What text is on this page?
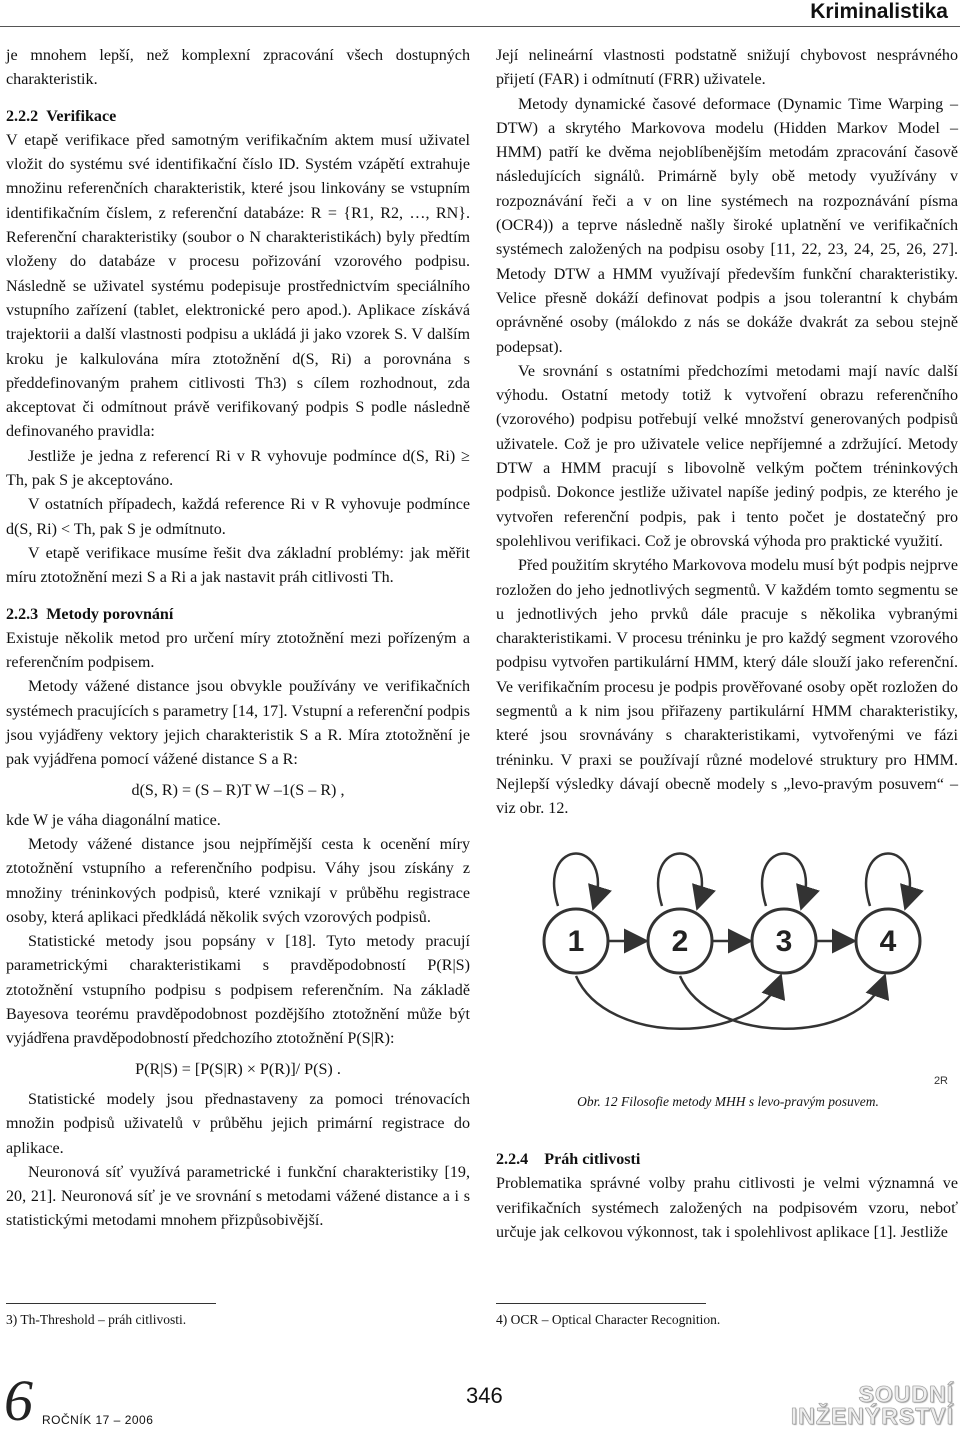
Kriminalistika

je mnohem lepší, než komplexní zpracování všech dostupných charakteristik.

2.2.2 Verifikace

V etapě verifikace před samotným verifikačním aktem musí uživatel vložit do systému své identifikační číslo ID. Systém vzápětí extrahuje množinu referenčních charakteristik, které jsou linkovány se vstupním identifikačním číslem, z referenční databáze: R = {R1, R2, …, RN}. Referenční charakteristiky (soubor o N charakteristikách) byly předtím vloženy do databáze v procesu pořizování vzorového podpisu. Následně se uživatel systému podepisuje prostřednictvím speciálního vstupního zařízení (tablet, elektronické pero apod.). Aplikace získává trajektorii a další vlastnosti podpisu a ukládá ji jako vzorek S. V dalším kroku je kalkulována míra ztotožnění d(S, Ri) a porovnána s předdefinovaným prahem citlivosti Th3) s cílem rozhodnout, zda akceptovat či odmítnout právě verifikovaný podpis S podle následně definovaného pravidla:

Jestliže je jedna z referencí Ri v R vyhovuje podmínce d(S, Ri) ≥ Th, pak S je akceptováno.

V ostatních případech, každá reference Ri v R vyhovuje podmínce d(S, Ri) < Th, pak S je odmítnuto.

V etapě verifikace musíme řešit dva základní problémy: jak měřit míru ztotožnění mezi S a Ri a jak nastavit práh citlivosti Th.

2.2.3 Metody porovnání

Existuje několik metod pro určení míry ztotožnění mezi pořízeným a referenčním podpisem.

Metody vážené distance jsou obvykle používány ve verifikačních systémech pracujících s parametry [14, 17]. Vstupní a referenční podpis jsou vyjádřeny vektory jejich charakteristik S a R. Míra ztotožnění je pak vyjádřena pomocí vážené distance S a R:

d(S, R) = (S – R)T W –1(S – R) ,

kde W je váha diagonální matice.

Metody vážené distance jsou nejpřímější cesta k ocenění míry ztotožnění vstupního a referenčního podpisu. Váhy jsou získány z množiny tréninkových podpisů, které vznikají v průběhu registrace osoby, která aplikaci předkládá několik svých vzorových podpisů.

Statistické metody jsou popsány v [18]. Tyto metody pracují parametrickými charakteristikami s pravděpodobností P(R|S) ztotožnění vstupního podpisu s podpisem referenčním. Na základě Bayesova teorému pravděpodobnost pozdějšího ztotožnění může být vyjádřena pravděpodobností předchozího ztotožnění P(S|R):

P(R|S) = [P(S|R) × P(R)]/ P(S) .

Statistické modely jsou přednastaveny za pomoci trénovacích množin podpisů uživatelů v průběhu jejich primární registrace do aplikace.

Neuronová síť využívá parametrické i funkční charakteristiky [19, 20, 21]. Neuronová síť je ve srovnání s metodami vážené distance a i s statistickými metodami mnohem přizpůsobivější.

Její nelineární vlastnosti podstatně snižují chybovost nesprávného přijetí (FAR) i odmítnutí (FRR) uživatele.

Metody dynamické časové deformace (Dynamic Time Warping – DTW) a skrytého Markovova modelu (Hidden Markov Model – HMM) patří ke dvěma nejoblíbenějším metodám zpracování časově následujících signálů. Primárně byly obě metody využívány v rozpoznávání řeči a v on line systémech na rozpoznávání písma (OCR4)) a teprve následně našly široké uplatnění ve verifikačních systémech založených na podpisu osoby [11, 22, 23, 24, 25, 26, 27]. Metody DTW a HMM využívají především funkční charakteristiky. Velice přesně dokáží definovat podpis a jsou tolerantní k chybám oprávněné osoby (málokdo z nás se dokáže dvakrát za sebou stejně podepsat).

Ve srovnání s ostatními předchozími metodami mají navíc další výhodu. Ostatní metody totiž k vytvoření obrazu referenčního (vzorového) podpisu potřebují velké množství generovaných podpisů uživatele. Což je pro uživatele velice nepříjemné a zdržující. Metody DTW a HMM pracují s libovolně velkým počtem tréninkových podpisů. Dokonce jestliže uživatel napíše jediný podpis, ze kterého je vytvořen referenční podpis, pak i tento počet je dostatečný pro spolehlivou verifikaci. Což je obrovská výhoda pro praktické využití.

Před použitím skrytého Markovova modelu musí být podpis nejprve rozložen do jeho jednotlivých segmentů. V každém tomto segmentu se u jednotlivých jeho prvků dále pracuje s několika vybranými charakteristikami. V procesu tréninku je pro každý segment vzorového podpisu vytvořen partikulární HMM, který dále slouží jako referenční. Ve verifikačním procesu je podpis prověřované osoby opět rozložen do segmentů a k nim jsou přiřazeny partikulární HMM charakteristiky, které jsou srovnávány s charakteristikami, vytvořenými ve fázi tréninku. V praxi se používají různé modelové struktury pro HMM. Nejlepší výsledky dávají obecně modely s „levo-pravým posuvem“ – viz obr. 12.

1	2	3	4
2R
Obr. 12 Filosofie metody MHH s levo-pravým posuvem.
2.2.4 Práh citlivosti

Problematika správné volby prahu citlivosti je velmi významná ve verifikačních systémech založených na podpisovém vzoru, neboť určuje jak celkovou výkonnost, tak i spolehlivost aplikace [1]. Jestliže

3) Th-Threshold – práh citlivosti.	4) OCR – Optical Character Recognition.
6 ROČNÍK 17 – 2006
346	SOUDNÍ
INŽENÝRSTVÍ
